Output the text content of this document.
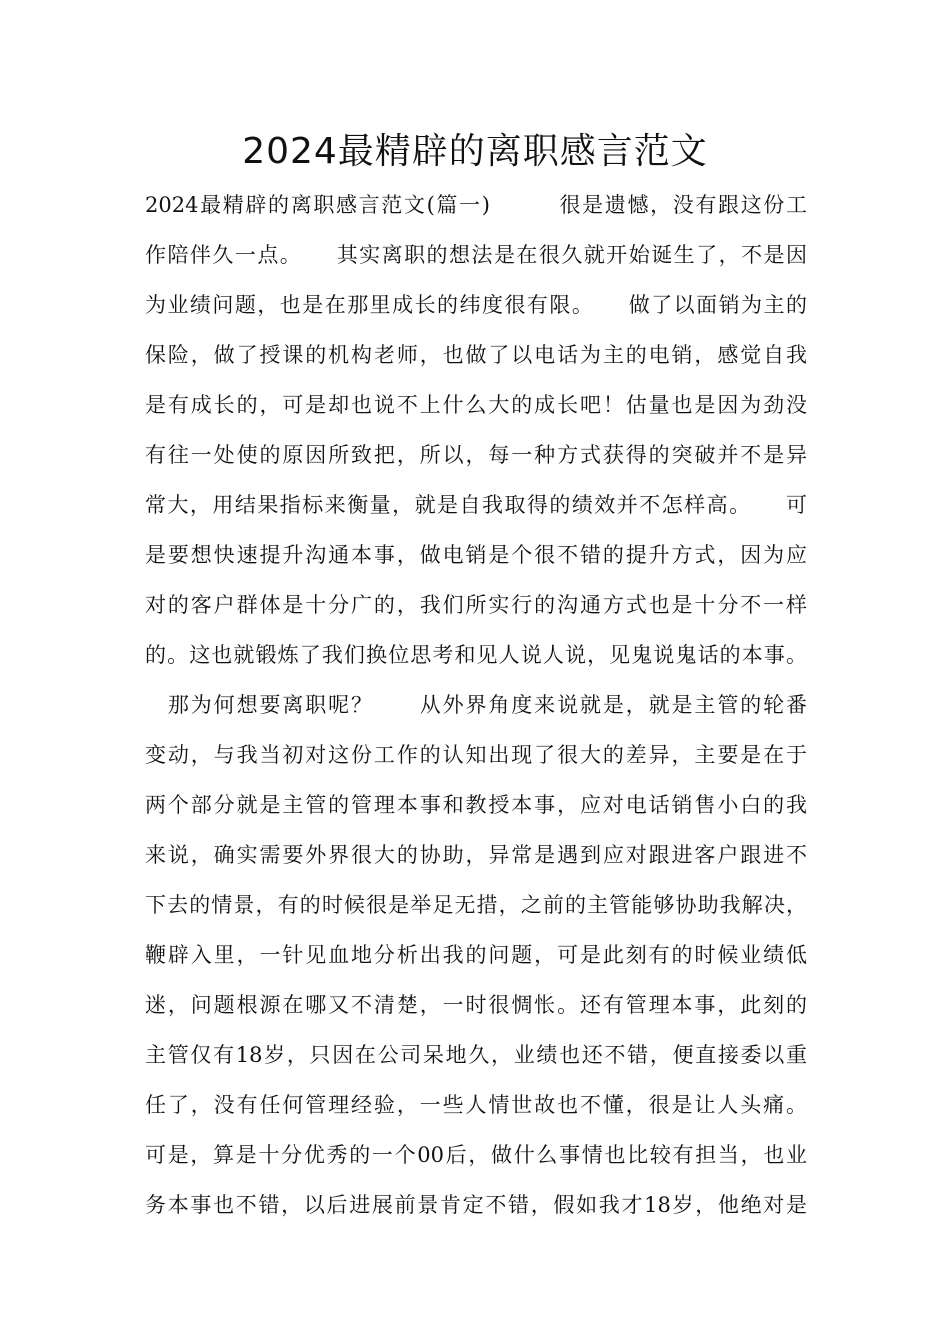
2024最精辟的离职感言范文
2024最精辟的离职感言范文(篇一)　　　很是遗憾，没有跟这份工
作陪伴久一点。　　其实离职的想法是在很久就开始诞生了，不是因
为业绩问题，也是在那里成长的纬度很有限。　　做了以面销为主的
保险，做了授课的机构老师，也做了以电话为主的电销，感觉自我
是有成长的，可是却也说不上什么大的成长吧！估量也是因为劲没
有往一处使的原因所致把，所以，每一种方式获得的突破并不是异
常大，用结果指标来衡量，就是自我取得的绩效并不怎样高。　　可
是要想快速提升沟通本事，做电销是个很不错的提升方式，因为应
对的客户群体是十分广的，我们所实行的沟通方式也是十分不一样
的。这也就锻炼了我们换位思考和见人说人说，见鬼说鬼话的本事。
　那为何想要离职呢？　　从外界角度来说就是，就是主管的轮番
变动，与我当初对这份工作的认知出现了很大的差异，主要是在于
两个部分就是主管的管理本事和教授本事，应对电话销售小白的我
来说，确实需要外界很大的协助，异常是遇到应对跟进客户跟进不
下去的情景，有的时候很是举足无措，之前的主管能够协助我解决，
鞭辟入里，一针见血地分析出我的问题，可是此刻有的时候业绩低
迷，问题根源在哪又不清楚，一时很惆怅。还有管理本事，此刻的
主管仅有18岁，只因在公司呆地久，业绩也还不错，便直接委以重
任了，没有任何管理经验，一些人情世故也不懂，很是让人头痛。
可是，算是十分优秀的一个00后，做什么事情也比较有担当，也业
务本事也不错，以后进展前景肯定不错，假如我才18岁，他绝对是
